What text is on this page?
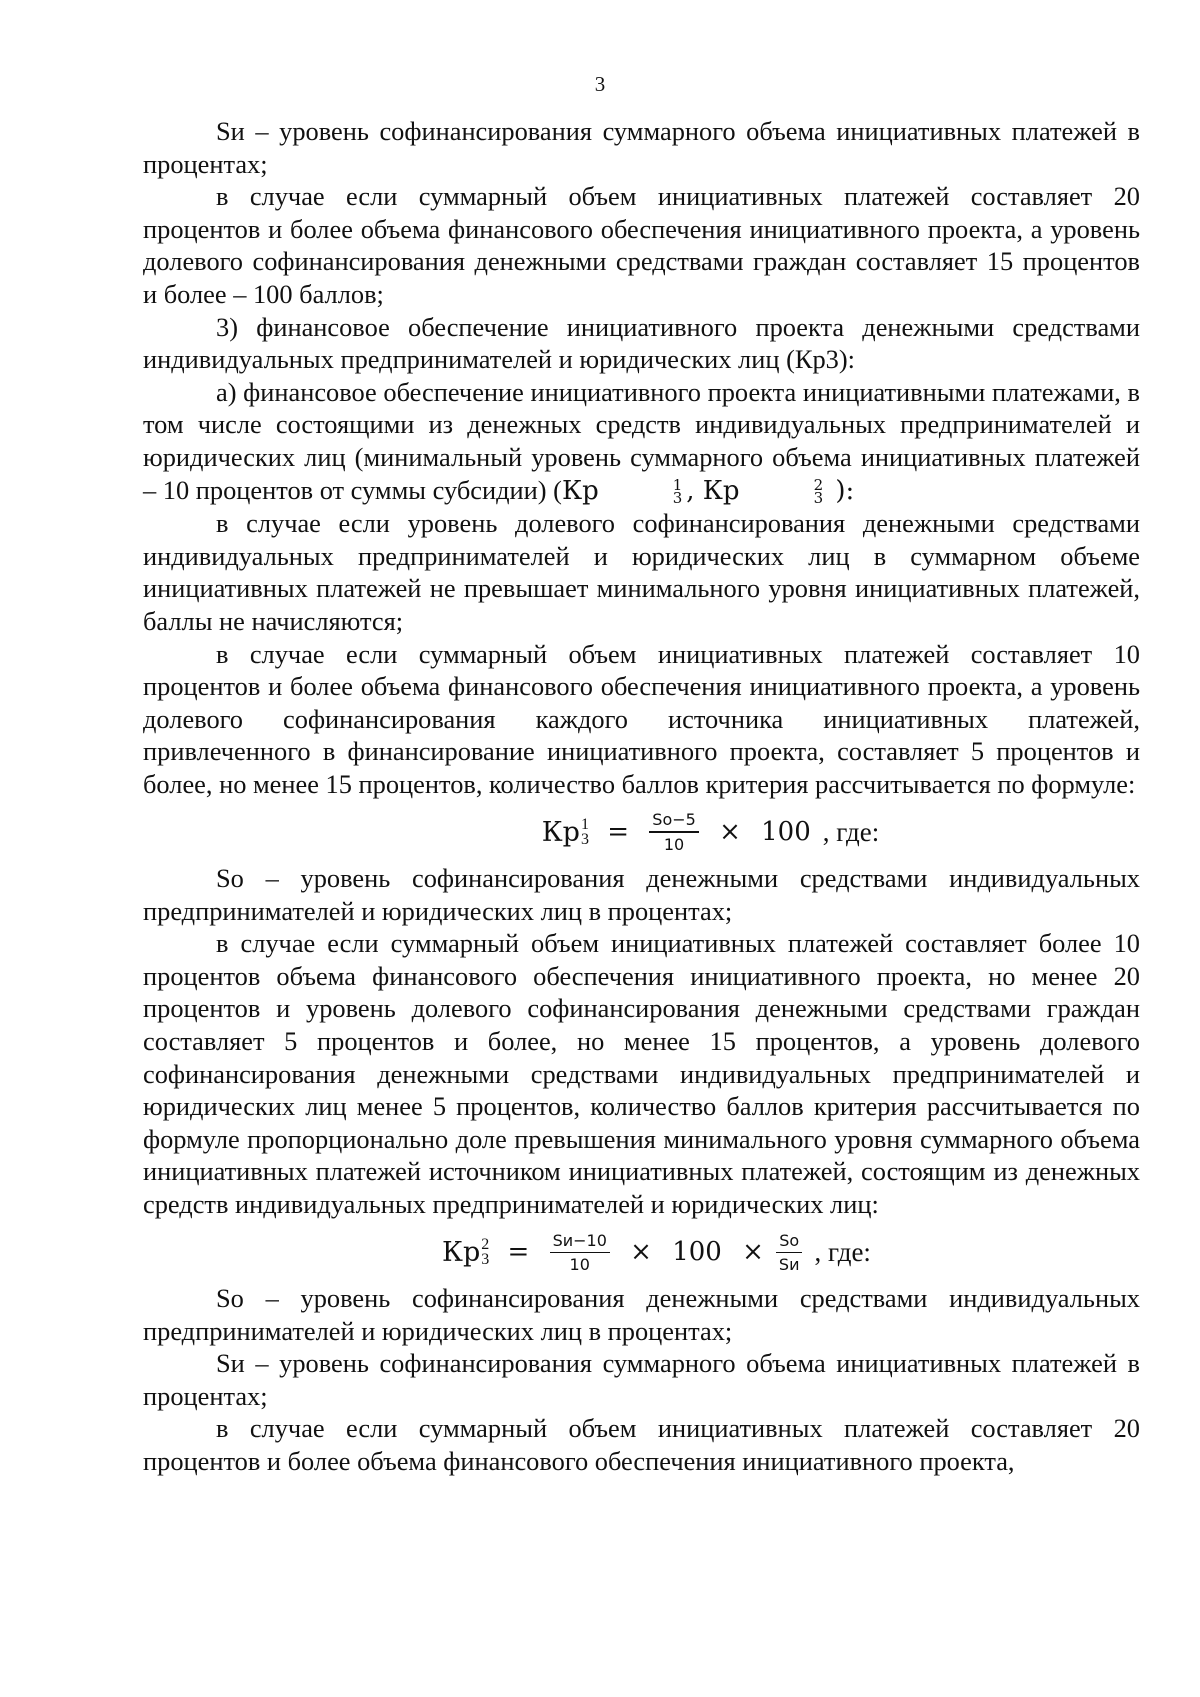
3

Sи – уровень софинансирования суммарного объема инициативных платежей в процентах;

в случае если суммарный объем инициативных платежей составляет 20 процентов и более объема финансового обеспечения инициативного проекта, а уровень долевого софинансирования денежными средствами граждан составляет 15 процентов и более – 100 баллов;

3) финансовое обеспечение инициативного проекта денежными средствами индивидуальных предпринимателей и юридических лиц (Кр3):

а) финансовое обеспечение инициативного проекта инициативными платежами, в том числе состоящими из денежных средств индивидуальных предпринимателей и юридических лиц (минимальный уровень суммарного объема инициативных платежей – 10 процентов от суммы субсидии) (Кр	1
3 , Кр	2
3 ):

в случае если уровень долевого софинансирования денежными средствами индивидуальных предпринимателей и юридических лиц в суммарном объеме инициативных платежей не превышает минимального уровня инициативных платежей, баллы не начисляются;

в случае если суммарный объем инициативных платежей составляет 10 процентов и более объема финансового обеспечения инициативного проекта, а уровень долевого софинансирования каждого источника инициативных платежей, привлеченного в финансирование инициативного проекта, составляет 5 процентов и более, но менее 15 процентов, количество баллов критерия рассчитывается по формуле:

Кр 1
$3 = \frac{Sо-5}{10} \times 100$ , где:

Sо – уровень софинансирования денежными средствами индивидуальных предпринимателей и юридических лиц в процентах;

в случае если суммарный объем инициативных платежей составляет более 10 процентов объема финансового обеспечения инициативного проекта, но менее 20 процентов и уровень долевого софинансирования денежными средствами граждан составляет 5 процентов и более, но менее 15 процентов, а уровень долевого софинансирования денежными средствами индивидуальных предпринимателей и юридических лиц менее 5 процентов, количество баллов критерия рассчитывается по формуле пропорционально доле превышения минимального уровня суммарного объема инициативных платежей источником инициативных платежей, состоящим из денежных средств индивидуальных предпринимателей и юридических лиц:

Кр 2
$3 = \frac{Sи-10}{10} \times 100 \times \frac{Sо}{Sи}$ , где:

Sо – уровень софинансирования денежными средствами индивидуальных предпринимателей и юридических лиц в процентах;

Sи – уровень софинансирования суммарного объема инициативных платежей в процентах;

в случае если суммарный объем инициативных платежей составляет 20 процентов и более объема финансового обеспечения инициативного проекта,
